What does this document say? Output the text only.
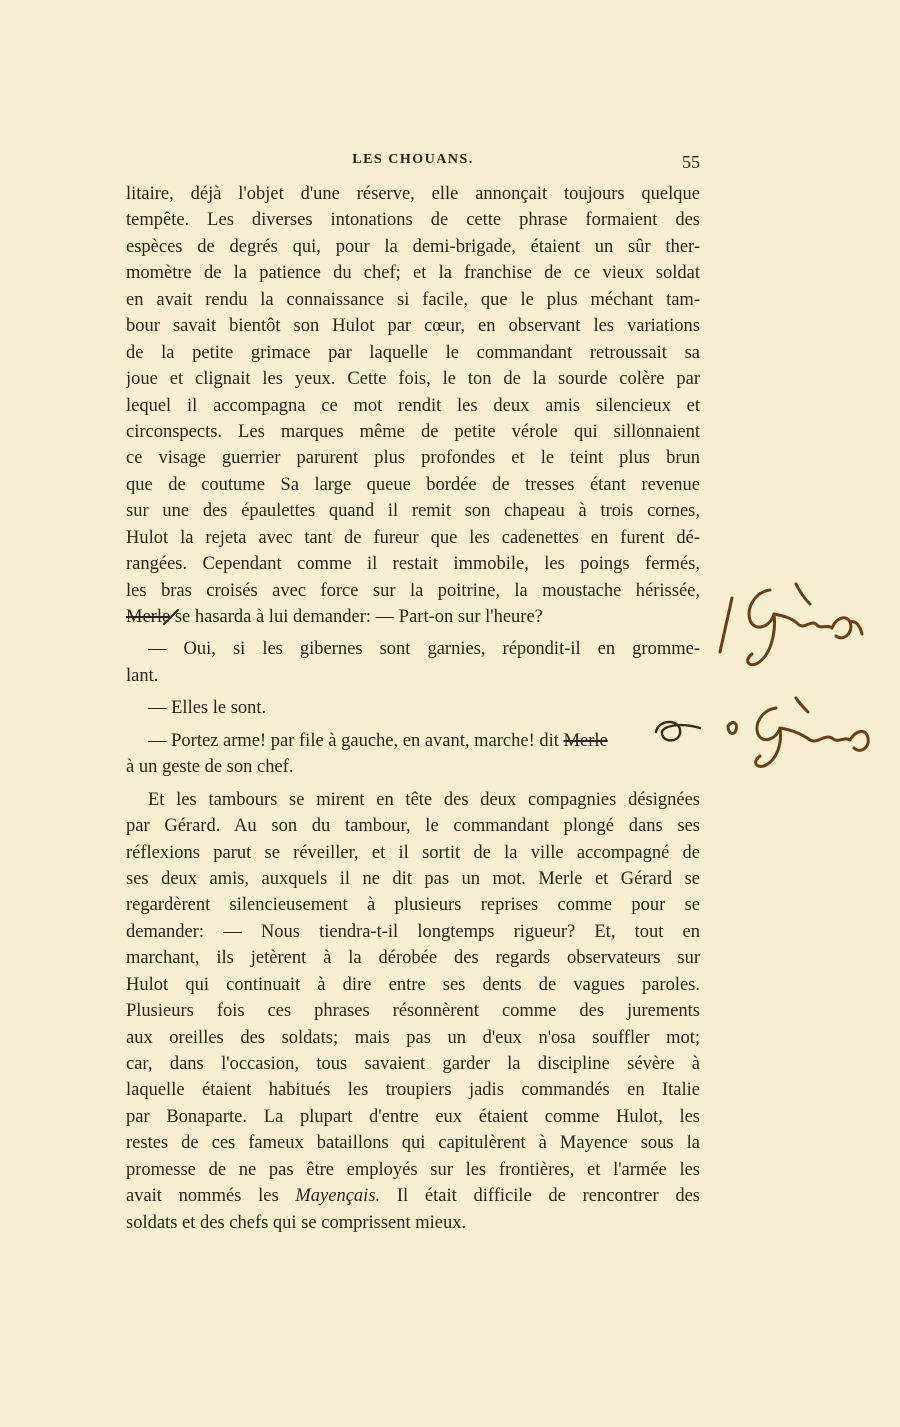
LES CHOUANS.	55
litaire, déjà l'objet d'une réserve, elle annonçait toujours quelque
tempête. Les diverses intonations de cette phrase formaient des
espèces de degrés qui, pour la demi-brigade, étaient un sûr ther-
momètre de la patience du chef; et la franchise de ce vieux soldat
en avait rendu la connaissance si facile, que le plus méchant tam-
bour savait bientôt son Hulot par cœur, en observant les variations
de la petite grimace par laquelle le commandant retroussait sa
joue et clignait les yeux. Cette fois, le ton de la sourde colère par
lequel il accompagna ce mot rendit les deux amis silencieux et
circonspects. Les marques même de petite vérole qui sillonnaient
ce visage guerrier parurent plus profondes et le teint plus brun
que de coutume Sa large queue bordée de tresses étant revenue
sur une des épaulettes quand il remit son chapeau à trois cornes,
Hulot la rejeta avec tant de fureur que les cadenettes en furent dé-
rangées. Cependant comme il restait immobile, les poings fermés,
les bras croisés avec force sur la poitrine, la moustache hérissée,
Merle se hasarda à lui demander: — Part-on sur l'heure?
— Oui, si les gibernes sont garnies, répondit-il en gromme-
lant.
— Elles le sont.
— Portez arme! par file à gauche, en avant, marche! dit Merle
à un geste de son chef.
Et les tambours se mirent en tête des deux compagnies désignées
par Gérard. Au son du tambour, le commandant plongé dans ses
réflexions parut se réveiller, et il sortit de la ville accompagné de
ses deux amis, auxquels il ne dit pas un mot. Merle et Gérard se
regardèrent silencieusement à plusieurs reprises comme pour se
demander: — Nous tiendra-t-il longtemps rigueur? Et, tout en
marchant, ils jetèrent à la dérobée des regards observateurs sur
Hulot qui continuait à dire entre ses dents de vagues paroles.
Plusieurs fois ces phrases résonnèrent comme des jurements
aux oreilles des soldats; mais pas un d'eux n'osa souffler mot;
car, dans l'occasion, tous savaient garder la discipline sévère à
laquelle étaient habitués les troupiers jadis commandés en Italie
par Bonaparte. La plupart d'entre eux étaient comme Hulot, les
restes de ces fameux bataillons qui capitulèrent à Mayence sous la
promesse de ne pas être employés sur les frontières, et l'armée les
avait nommés les Mayençais. Il était difficile de rencontrer des
soldats et des chefs qui se comprissent mieux.
